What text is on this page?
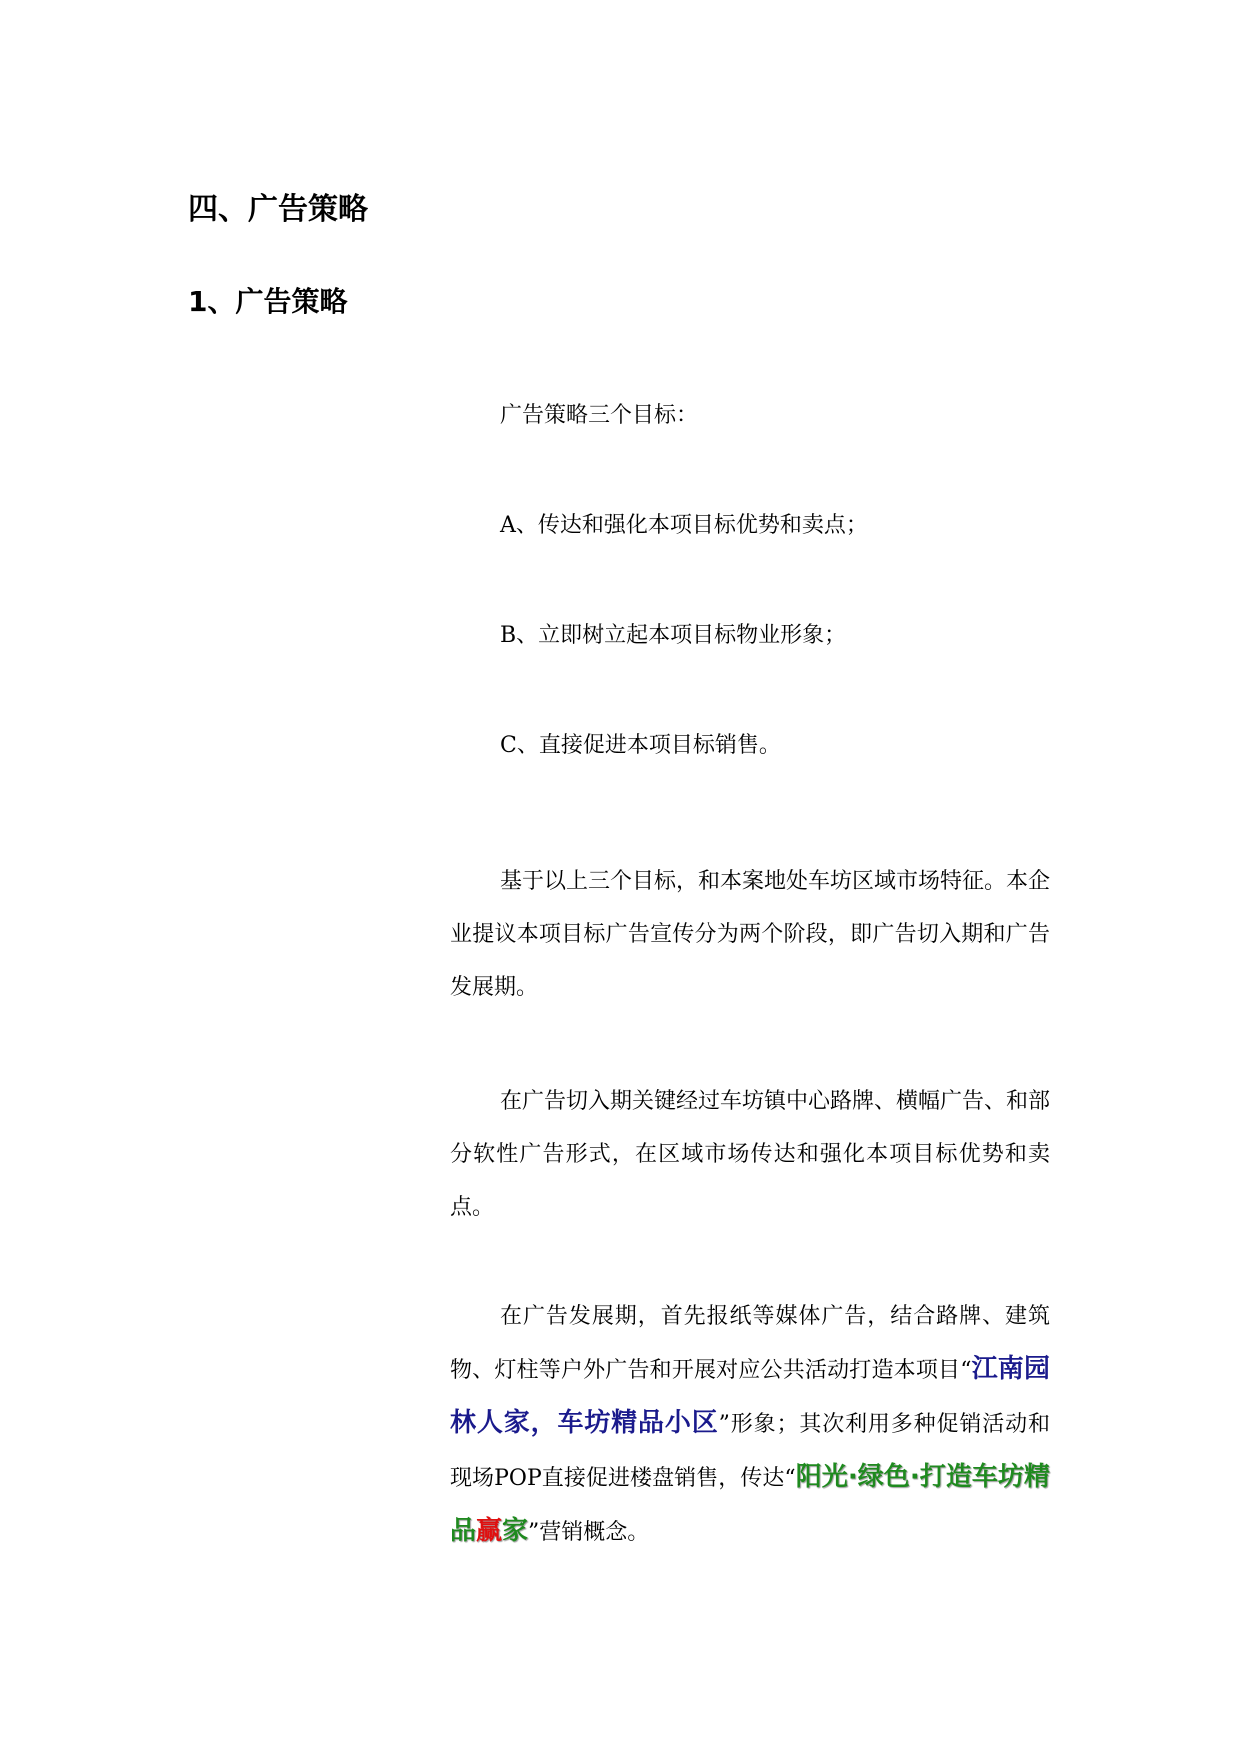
四、广告策略
1、广告策略
广告策略三个目标：
A、传达和强化本项目标优势和卖点；
B、立即树立起本项目标物业形象；
C、直接促进本项目标销售。

基于以上三个目标，和本案地处车坊区域市场特征。本企业提议本项目标广告宣传分为两个阶段，即广告切入期和广告发展期。

在广告切入期关键经过车坊镇中心路牌、横幅广告、和部分软性广告形式，在区域市场传达和强化本项目标优势和卖点。

在广告发展期，首先报纸等媒体广告，结合路牌、建筑物、灯柱等户外广告和开展对应公共活动打造本项目“江南园林人家，车坊精品小区”形象；其次利用多种促销活动和现场POP直接促进楼盘销售，传达“阳光·绿色·打造车坊精品赢家”营销概念。
